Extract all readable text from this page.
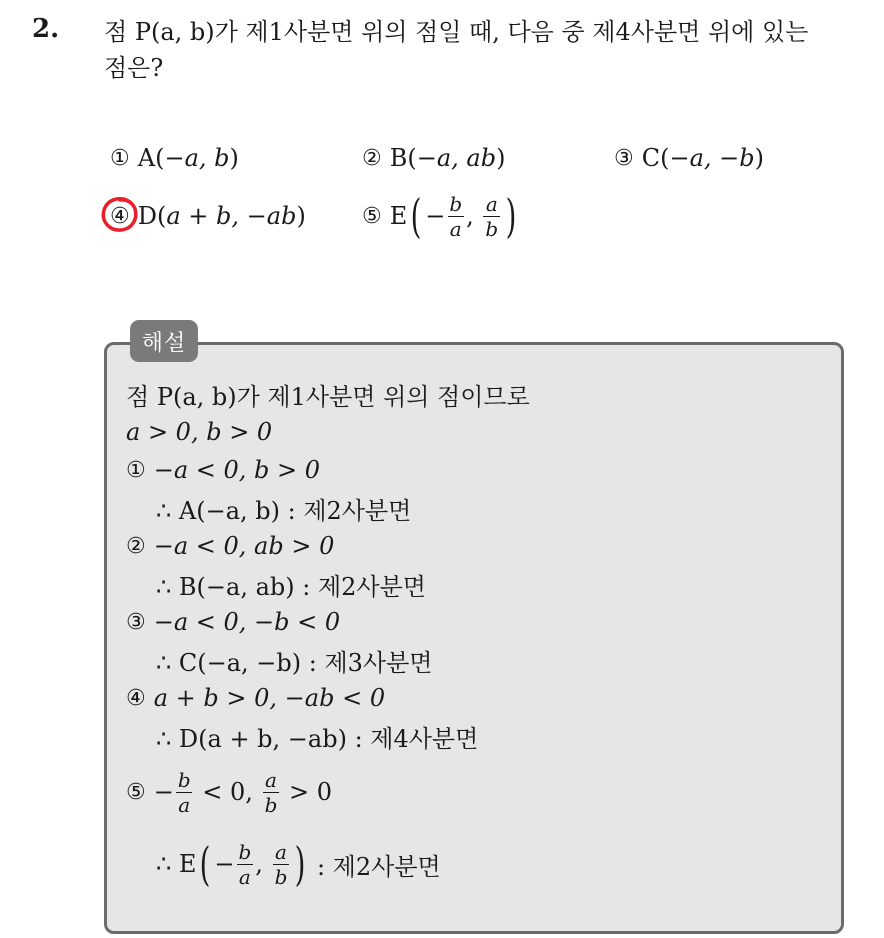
2. 점 P(a, b)가 제1사분면 위의 점일 때, 다음 중 제4사분면 위에 있는
점은?
① A ( −a, b )	② B ( −a, ab )	③ C ( −a, −b )
④ D ( a + b, −ab )	⑤ E ( − $\frac{b}{a}$ , $\frac{a}{b}$ )
해설
점 P(a, b)가 제1사분면 위의 점이므로
a > 0, b > 0
① −a < 0, b > 0
∴ A(−a, b) : 제2사분면
② −a < 0, ab > 0
∴ B(−a, ab) : 제2사분면
③ −a < 0, −b < 0
∴ C(−a, −b) : 제3사분면
④ a + b > 0, −ab < 0
∴ D(a + b, −ab) : 제4사분면
⑤ − $\frac{b}{a}$
< 0,
$\frac{a}{b}$
> 0
∴ E ( − $\frac{b}{a}$ , $\frac{a}{b}$ )
: 제2사분면
